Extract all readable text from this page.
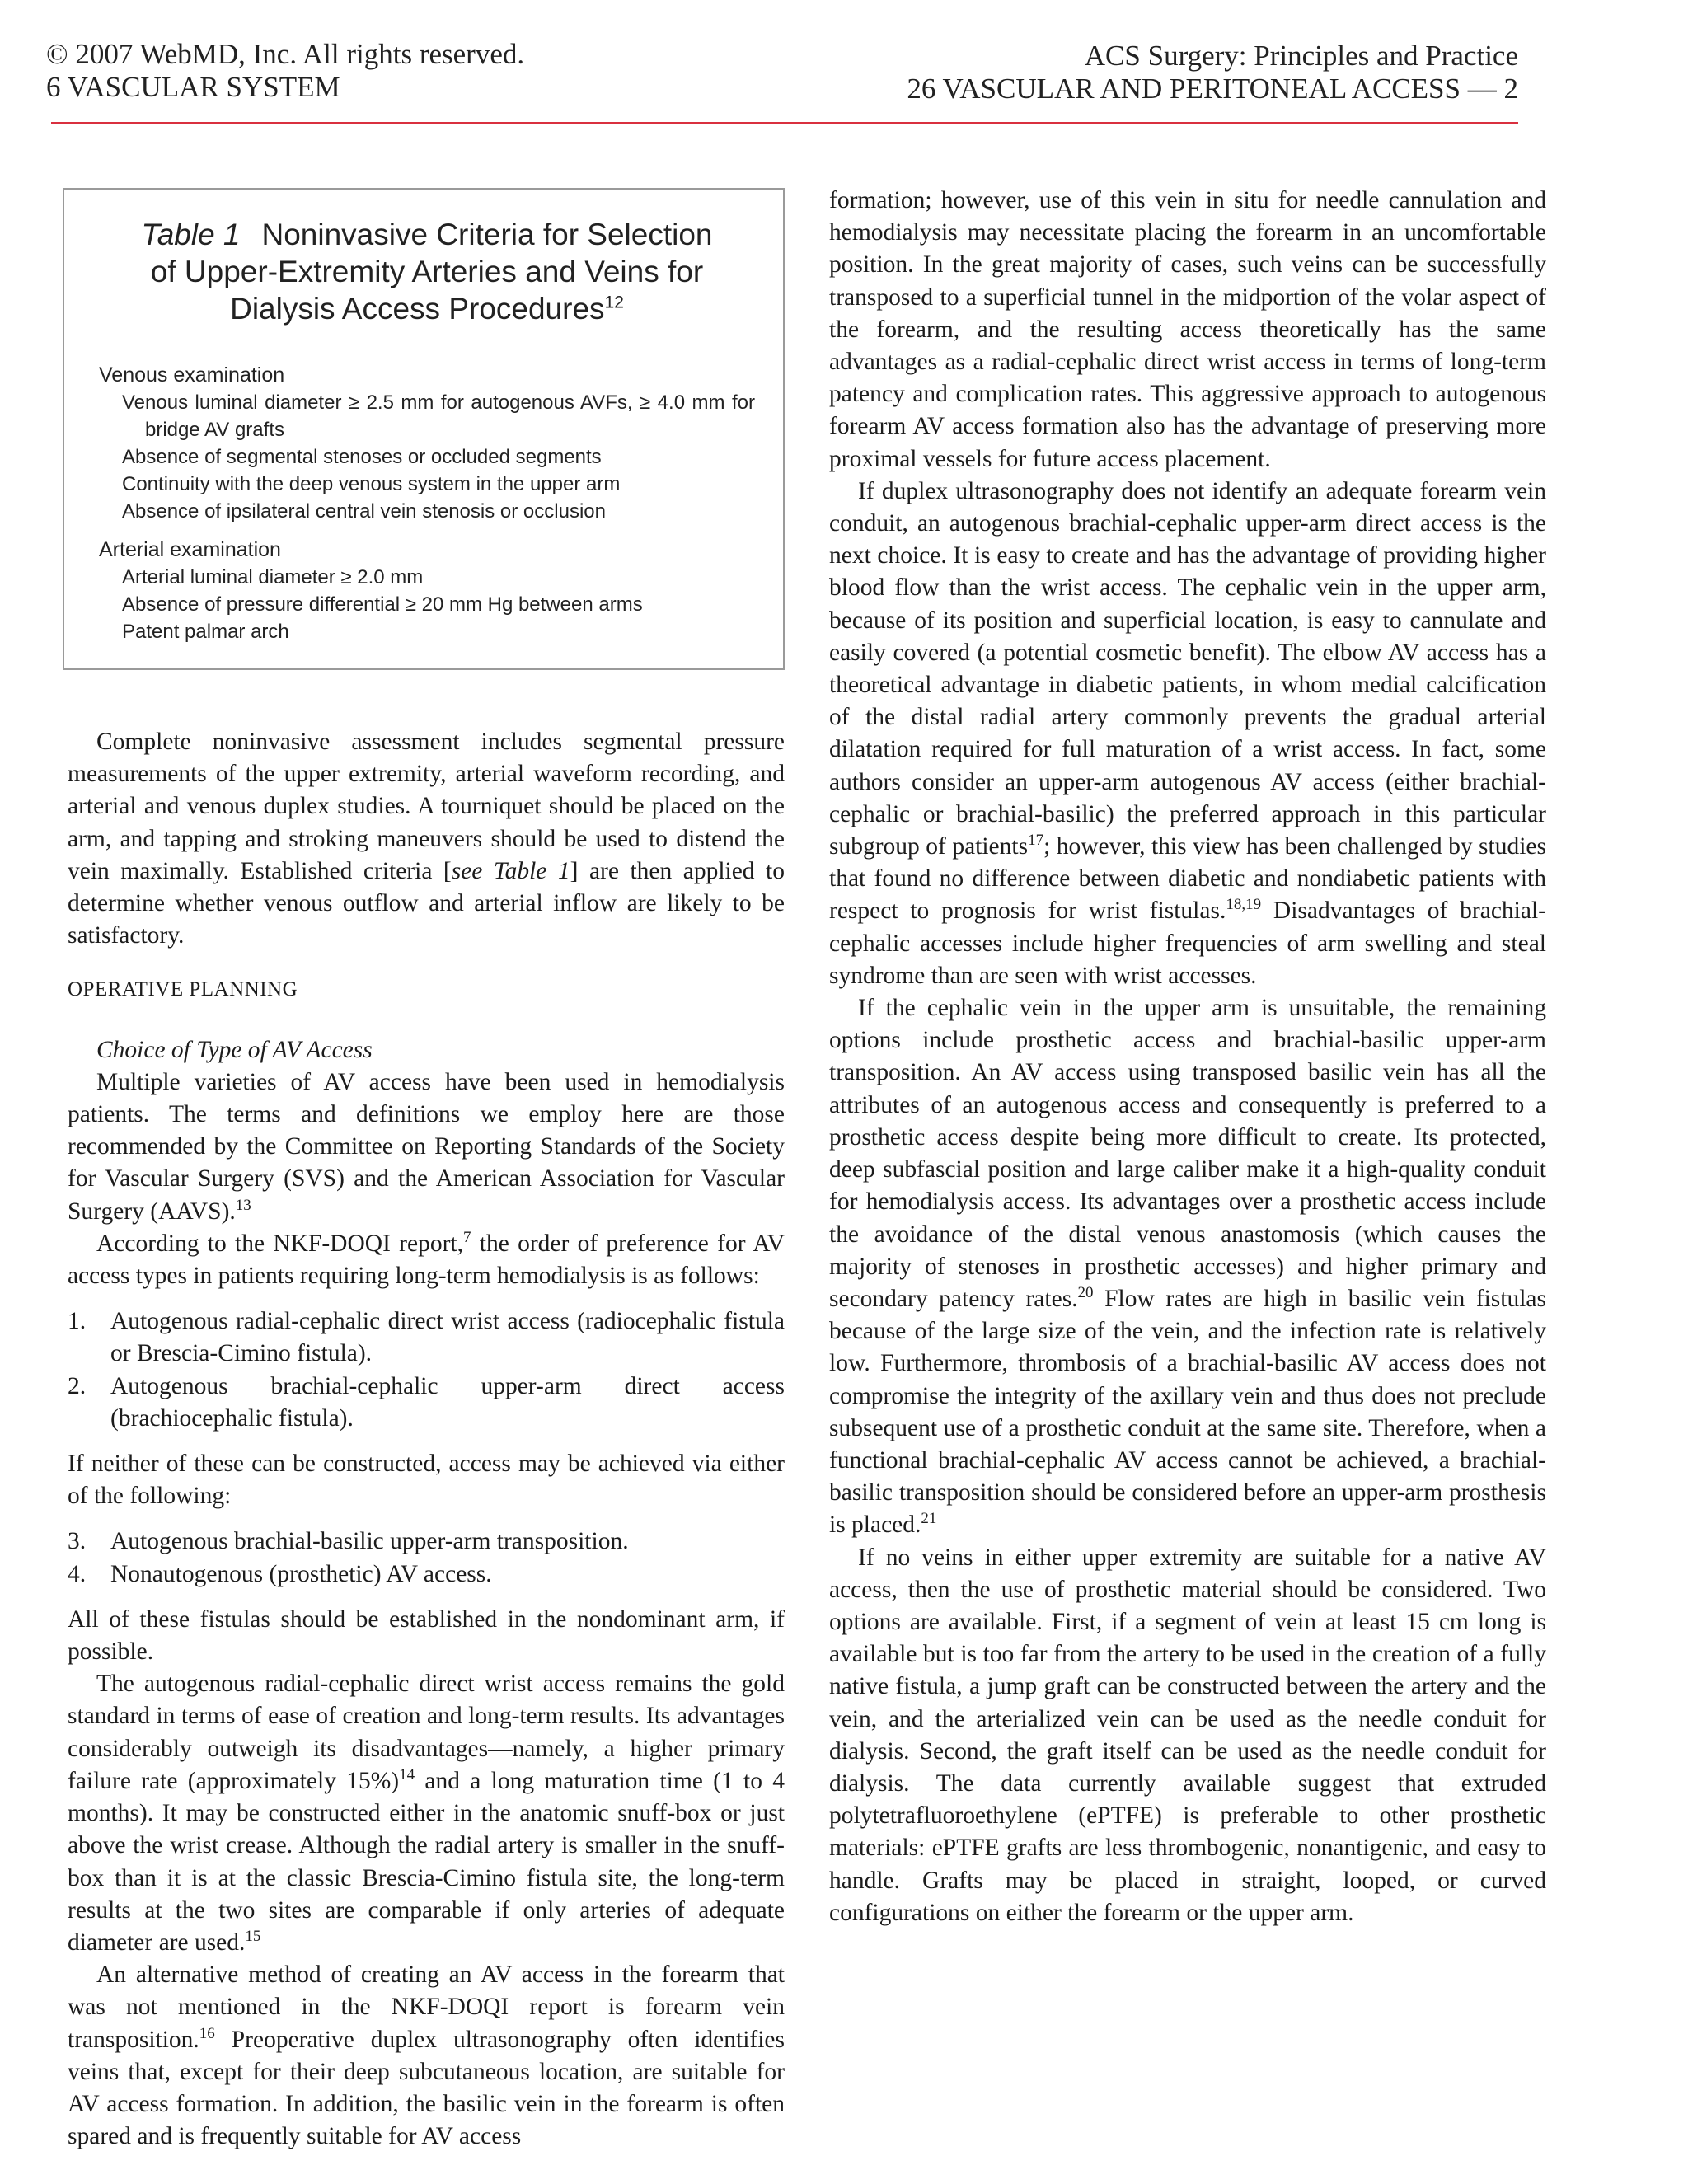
© 2007 WebMD, Inc. All rights reserved.
6 VASCULAR SYSTEM
ACS Surgery: Principles and Practice
26 VASCULAR AND PERITONEAL ACCESS — 2
Table 1 Noninvasive Criteria for Selection
of Upper-Extremity Arteries and Veins for
Dialysis Access Procedures$^{12}$
Venous examination
Venous luminal diameter ≥ 2.5 mm for autogenous AVFs, ≥ 4.0 mm for bridge AV grafts
Absence of segmental stenoses or occluded segments
Continuity with the deep venous system in the upper arm
Absence of ipsilateral central vein stenosis or occlusion
Arterial examination
Arterial luminal diameter ≥ 2.0 mm
Absence of pressure differential ≥ 20 mm Hg between arms
Patent palmar arch

Complete noninvasive assessment includes segmental pressure measurements of the upper extremity, arterial waveform recording, and arterial and venous duplex studies. A tourniquet should be placed on the arm, and tapping and stroking maneuvers should be used to distend the vein maximally. Established criteria [see Table 1] are then applied to determine whether venous outflow and arterial inflow are likely to be satisfactory.

OPERATIVE PLANNING

Choice of Type of AV Access

Multiple varieties of AV access have been used in hemodialysis patients. The terms and definitions we employ here are those recommended by the Committee on Reporting Standards of the Society for Vascular Surgery (SVS) and the American Association for Vascular Surgery (AAVS).$^{13}$

According to the NKF-DOQI report,$^7$ the order of preference for AV access types in patients requiring long-term hemodialysis is as follows:

1. Autogenous radial-cephalic direct wrist access (radiocephalic fistula or Brescia-Cimino fistula).
2. Autogenous brachial-cephalic upper-arm direct access (brachiocephalic fistula).

If neither of these can be constructed, access may be achieved via either of the following:

3. Autogenous brachial-basilic upper-arm transposition.
4. Nonautogenous (prosthetic) AV access.

All of these fistulas should be established in the nondominant arm, if possible.

The autogenous radial-cephalic direct wrist access remains the gold standard in terms of ease of creation and long-term results. Its advantages considerably outweigh its disadvantages—namely, a higher primary failure rate (approximately 15%)$^{14}$ and a long maturation time (1 to 4 months). It may be constructed either in the anatomic snuff-box or just above the wrist crease. Although the radial artery is smaller in the snuff-box than it is at the classic Brescia-Cimino fistula site, the long-term results at the two sites are comparable if only arteries of adequate diameter are used.$^{15}$

An alternative method of creating an AV access in the forearm that was not mentioned in the NKF-DOQI report is forearm vein transposition.$^{16}$ Preoperative duplex ultrasonography often identifies veins that, except for their deep subcutaneous location, are suitable for AV access formation. In addition, the basilic vein in the forearm is often spared and is frequently suitable for AV access

formation; however, use of this vein in situ for needle cannulation and hemodialysis may necessitate placing the forearm in an uncomfortable position. In the great majority of cases, such veins can be successfully transposed to a superficial tunnel in the midportion of the volar aspect of the forearm, and the resulting access theoretically has the same advantages as a radial-cephalic direct wrist access in terms of long-term patency and complication rates. This aggressive approach to autogenous forearm AV access formation also has the advantage of preserving more proximal vessels for future access placement.

If duplex ultrasonography does not identify an adequate forearm vein conduit, an autogenous brachial-cephalic upper-arm direct access is the next choice. It is easy to create and has the advantage of providing higher blood flow than the wrist access. The cephalic vein in the upper arm, because of its position and superficial location, is easy to cannulate and easily covered (a potential cosmetic benefit). The elbow AV access has a theoretical advantage in diabetic patients, in whom medial calcification of the distal radial artery commonly prevents the gradual arterial dilatation required for full maturation of a wrist access. In fact, some authors consider an upper-arm autogenous AV access (either brachial-cephalic or brachial-basilic) the preferred approach in this particular subgroup of patients$^{17}$; however, this view has been challenged by studies that found no difference between diabetic and nondiabetic patients with respect to prognosis for wrist fistulas.$^{18,19}$ Disadvantages of brachial-cephalic accesses include higher frequencies of arm swelling and steal syndrome than are seen with wrist accesses.

If the cephalic vein in the upper arm is unsuitable, the remaining options include prosthetic access and brachial-basilic upper-arm transposition. An AV access using transposed basilic vein has all the attributes of an autogenous access and consequently is preferred to a prosthetic access despite being more difficult to create. Its protected, deep subfascial position and large caliber make it a high-quality conduit for hemodialysis access. Its advantages over a prosthetic access include the avoidance of the distal venous anastomosis (which causes the majority of stenoses in prosthetic accesses) and higher primary and secondary patency rates.$^{20}$ Flow rates are high in basilic vein fistulas because of the large size of the vein, and the infection rate is relatively low. Furthermore, thrombosis of a brachial-basilic AV access does not compromise the integrity of the axillary vein and thus does not preclude subsequent use of a prosthetic conduit at the same site. Therefore, when a functional brachial-cephalic AV access cannot be achieved, a brachial-basilic transposition should be considered before an upper-arm prosthesis is placed.$^{21}$

If no veins in either upper extremity are suitable for a native AV access, then the use of prosthetic material should be considered. Two options are available. First, if a segment of vein at least 15 cm long is available but is too far from the artery to be used in the creation of a fully native fistula, a jump graft can be constructed between the artery and the vein, and the arterialized vein can be used as the needle conduit for dialysis. Second, the graft itself can be used as the needle conduit for dialysis. The data currently available suggest that extruded polytetrafluoroethylene (ePTFE) is preferable to other prosthetic materials: ePTFE grafts are less thrombogenic, nonantigenic, and easy to handle. Grafts may be placed in straight, looped, or curved configurations on either the forearm or the upper arm.
